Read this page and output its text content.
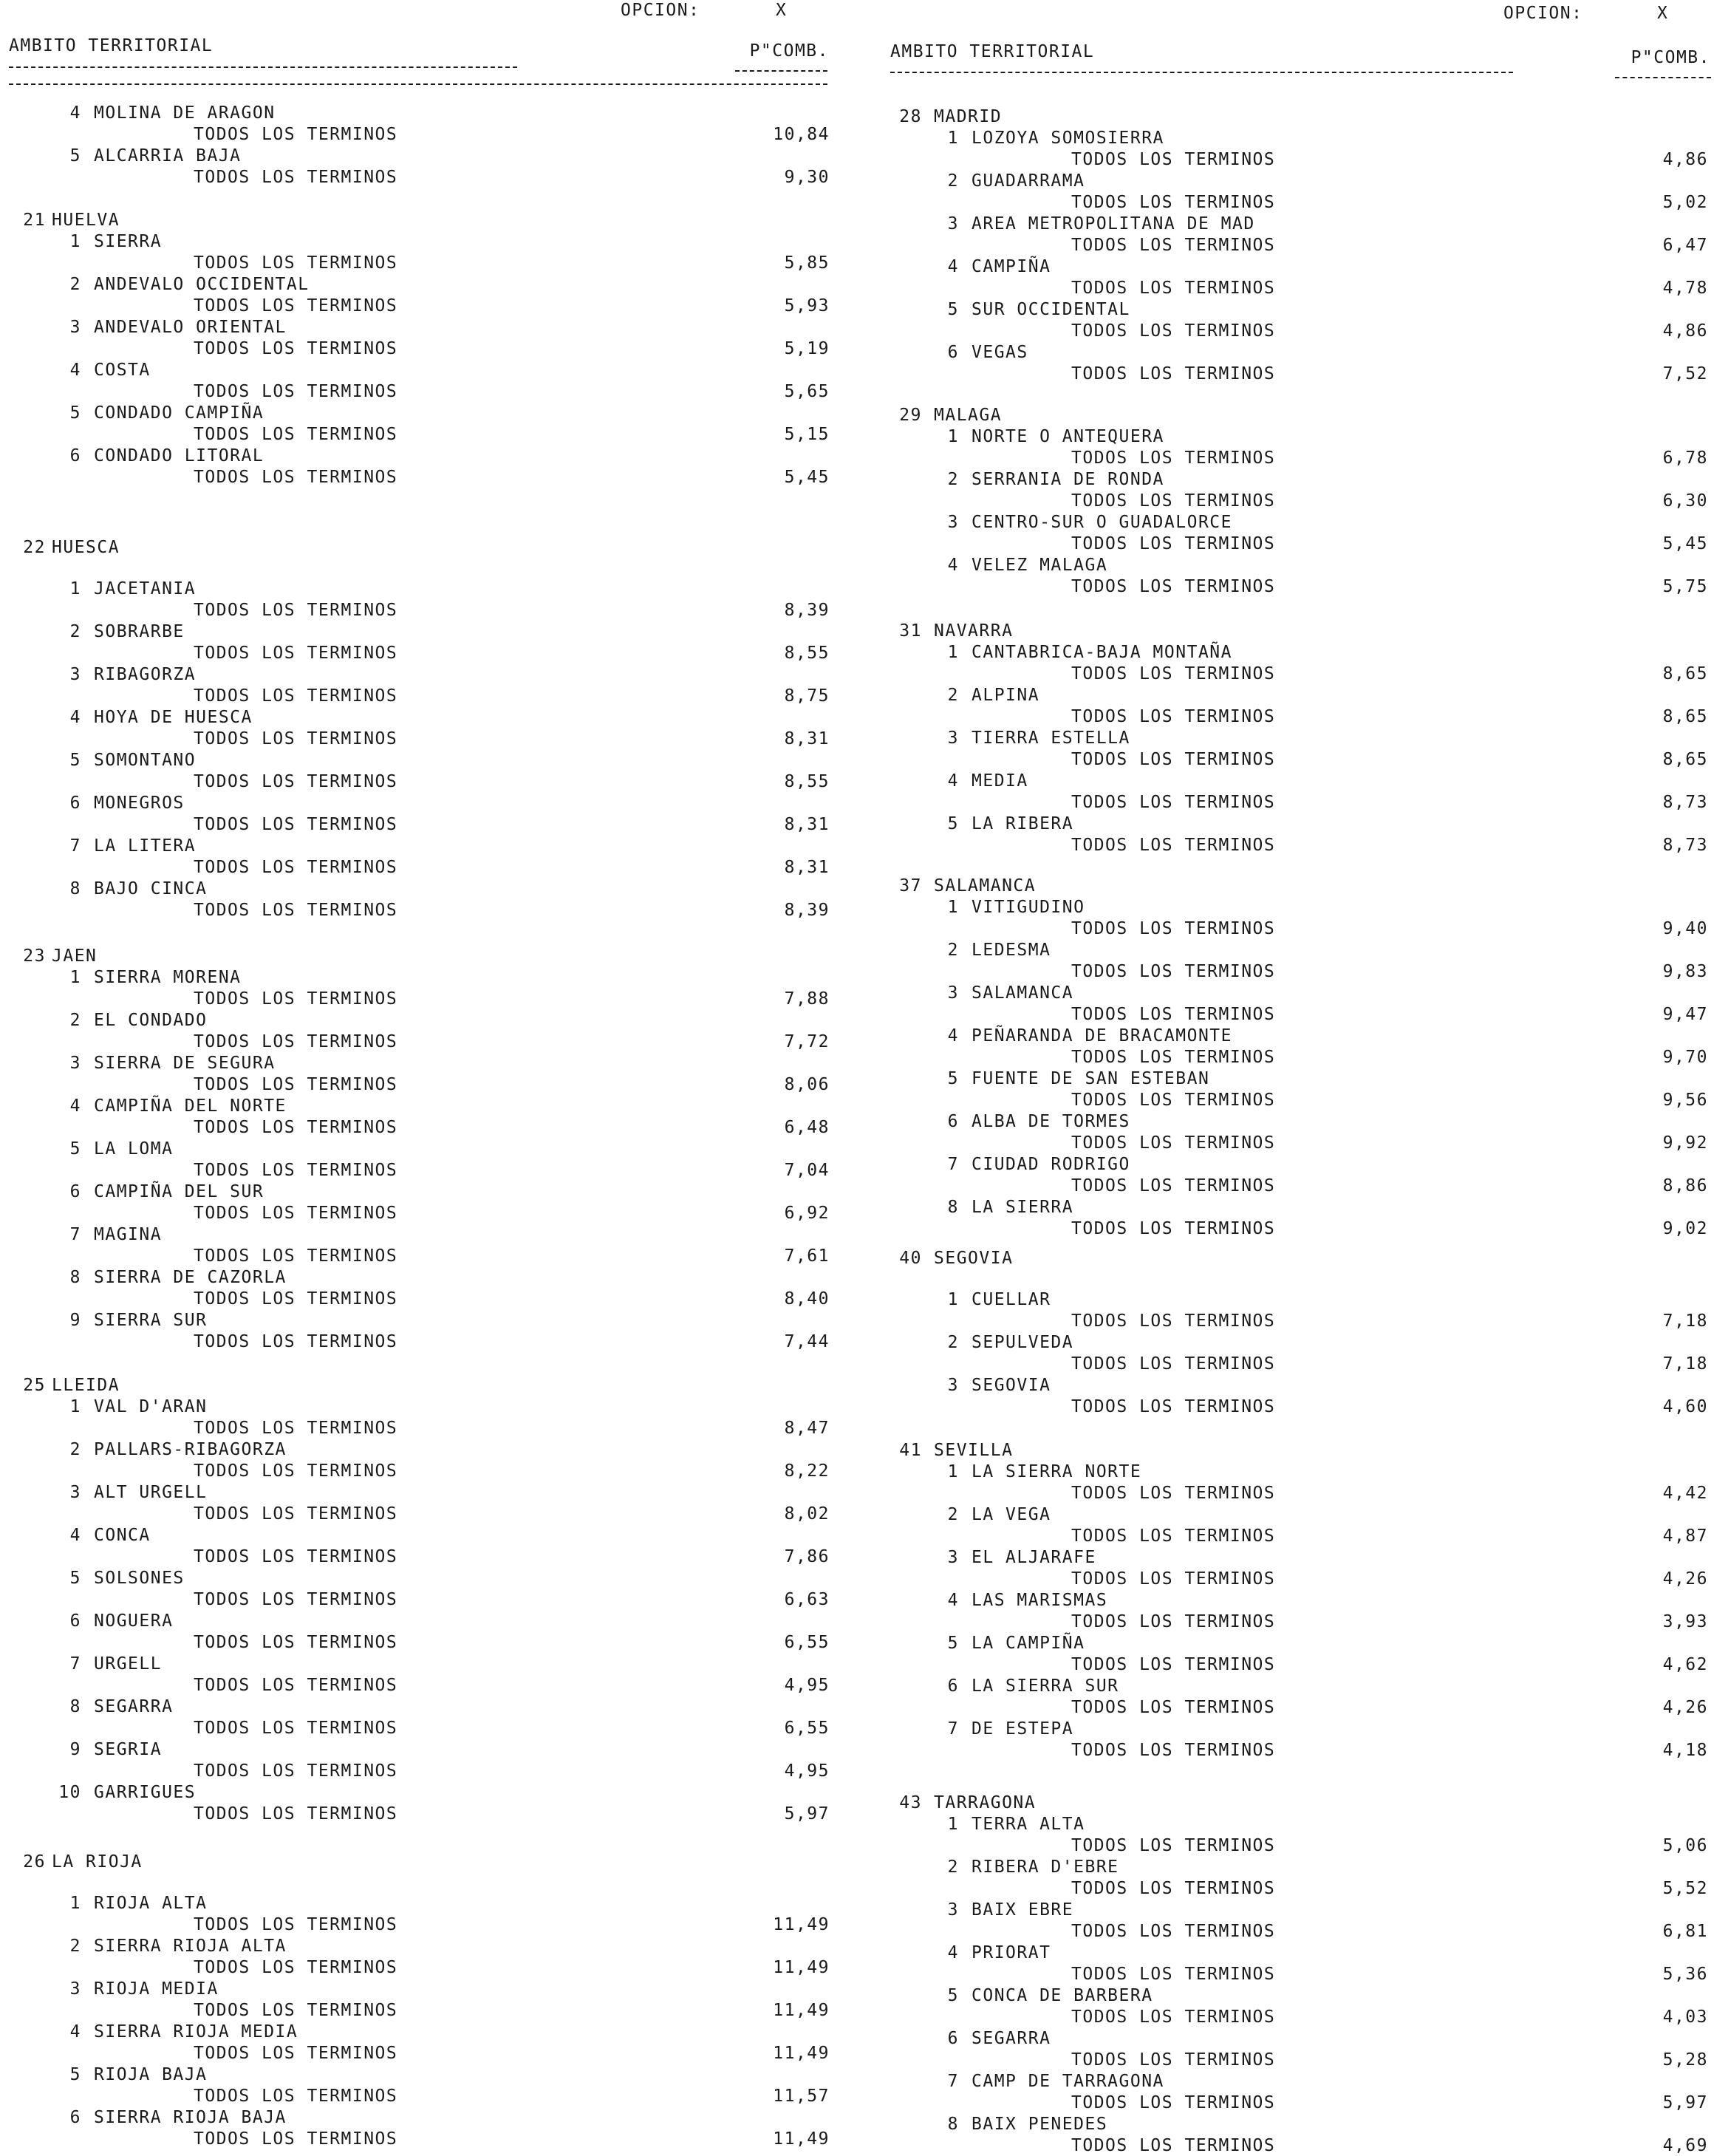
OPCION:	X
AMBITO TERRITORIAL	P"COMB.
4 MOLINA DE ARAGON
TODOS LOS TERMINOS	10,84
5 ALCARRIA BAJA
TODOS LOS TERMINOS	9,30
21 HUELVA
1 SIERRA
TODOS LOS TERMINOS	5,85
2 ANDEVALO OCCIDENTAL
TODOS LOS TERMINOS	5,93
3 ANDEVALO ORIENTAL
TODOS LOS TERMINOS	5,19
4 COSTA
TODOS LOS TERMINOS	5,65
5 CONDADO CAMPIÑA
TODOS LOS TERMINOS	5,15
6 CONDADO LITORAL
TODOS LOS TERMINOS	5,45
22 HUESCA
1 JACETANIA
TODOS LOS TERMINOS	8,39
2 SOBRARBE
TODOS LOS TERMINOS	8,55
3 RIBAGORZA
TODOS LOS TERMINOS	8,75
4 HOYA DE HUESCA
TODOS LOS TERMINOS	8,31
5 SOMONTANO
TODOS LOS TERMINOS	8,55
6 MONEGROS
TODOS LOS TERMINOS	8,31
7 LA LITERA
TODOS LOS TERMINOS	8,31
8 BAJO CINCA
TODOS LOS TERMINOS	8,39
23 JAEN
1 SIERRA MORENA
TODOS LOS TERMINOS	7,88
2 EL CONDADO
TODOS LOS TERMINOS	7,72
3 SIERRA DE SEGURA
TODOS LOS TERMINOS	8,06
4 CAMPIÑA DEL NORTE
TODOS LOS TERMINOS	6,48
5 LA LOMA
TODOS LOS TERMINOS	7,04
6 CAMPIÑA DEL SUR
TODOS LOS TERMINOS	6,92
7 MAGINA
TODOS LOS TERMINOS	7,61
8 SIERRA DE CAZORLA
TODOS LOS TERMINOS	8,40
9 SIERRA SUR
TODOS LOS TERMINOS	7,44
25 LLEIDA
1 VAL D'ARAN
TODOS LOS TERMINOS	8,47
2 PALLARS-RIBAGORZA
TODOS LOS TERMINOS	8,22
3 ALT URGELL
TODOS LOS TERMINOS	8,02
4 CONCA
TODOS LOS TERMINOS	7,86
5 SOLSONES
TODOS LOS TERMINOS	6,63
6 NOGUERA
TODOS LOS TERMINOS	6,55
7 URGELL
TODOS LOS TERMINOS	4,95
8 SEGARRA
TODOS LOS TERMINOS	6,55
9 SEGRIA
TODOS LOS TERMINOS	4,95
10 GARRIGUES
TODOS LOS TERMINOS	5,97
26 LA RIOJA
1 RIOJA ALTA
TODOS LOS TERMINOS	11,49
2 SIERRA RIOJA ALTA
TODOS LOS TERMINOS	11,49
3 RIOJA MEDIA
TODOS LOS TERMINOS	11,49
4 SIERRA RIOJA MEDIA
TODOS LOS TERMINOS	11,49
5 RIOJA BAJA
TODOS LOS TERMINOS	11,57
6 SIERRA RIOJA BAJA
TODOS LOS TERMINOS	11,49
OPCION:	X
AMBITO TERRITORIAL	P"COMB.
28 MADRID
1 LOZOYA SOMOSIERRA
TODOS LOS TERMINOS	4,86
2 GUADARRAMA
TODOS LOS TERMINOS	5,02
3 AREA METROPOLITANA DE MAD
TODOS LOS TERMINOS	6,47
4 CAMPIÑA
TODOS LOS TERMINOS	4,78
5 SUR OCCIDENTAL
TODOS LOS TERMINOS	4,86
6 VEGAS
TODOS LOS TERMINOS	7,52
29 MALAGA
1 NORTE O ANTEQUERA
TODOS LOS TERMINOS	6,78
2 SERRANIA DE RONDA
TODOS LOS TERMINOS	6,30
3 CENTRO-SUR O GUADALORCE
TODOS LOS TERMINOS	5,45
4 VELEZ MALAGA
TODOS LOS TERMINOS	5,75
31 NAVARRA
1 CANTABRICA-BAJA MONTAÑA
TODOS LOS TERMINOS	8,65
2 ALPINA
TODOS LOS TERMINOS	8,65
3 TIERRA ESTELLA
TODOS LOS TERMINOS	8,65
4 MEDIA
TODOS LOS TERMINOS	8,73
5 LA RIBERA
TODOS LOS TERMINOS	8,73
37 SALAMANCA
1 VITIGUDINO
TODOS LOS TERMINOS	9,40
2 LEDESMA
TODOS LOS TERMINOS	9,83
3 SALAMANCA
TODOS LOS TERMINOS	9,47
4 PEÑARANDA DE BRACAMONTE
TODOS LOS TERMINOS	9,70
5 FUENTE DE SAN ESTEBAN
TODOS LOS TERMINOS	9,56
6 ALBA DE TORMES
TODOS LOS TERMINOS	9,92
7 CIUDAD RODRIGO
TODOS LOS TERMINOS	8,86
8 LA SIERRA
TODOS LOS TERMINOS	9,02
40 SEGOVIA
1 CUELLAR
TODOS LOS TERMINOS	7,18
2 SEPULVEDA
TODOS LOS TERMINOS	7,18
3 SEGOVIA
TODOS LOS TERMINOS	4,60
41 SEVILLA
1 LA SIERRA NORTE
TODOS LOS TERMINOS	4,42
2 LA VEGA
TODOS LOS TERMINOS	4,87
3 EL ALJARAFE
TODOS LOS TERMINOS	4,26
4 LAS MARISMAS
TODOS LOS TERMINOS	3,93
5 LA CAMPIÑA
TODOS LOS TERMINOS	4,62
6 LA SIERRA SUR
TODOS LOS TERMINOS	4,26
7 DE ESTEPA
TODOS LOS TERMINOS	4,18
43 TARRAGONA
1 TERRA ALTA
TODOS LOS TERMINOS	5,06
2 RIBERA D'EBRE
TODOS LOS TERMINOS	5,52
3 BAIX EBRE
TODOS LOS TERMINOS	6,81
4 PRIORAT
TODOS LOS TERMINOS	5,36
5 CONCA DE BARBERA
TODOS LOS TERMINOS	4,03
6 SEGARRA
TODOS LOS TERMINOS	5,28
7 CAMP DE TARRAGONA
TODOS LOS TERMINOS	5,97
8 BAIX PENEDES
TODOS LOS TERMINOS	4,69
